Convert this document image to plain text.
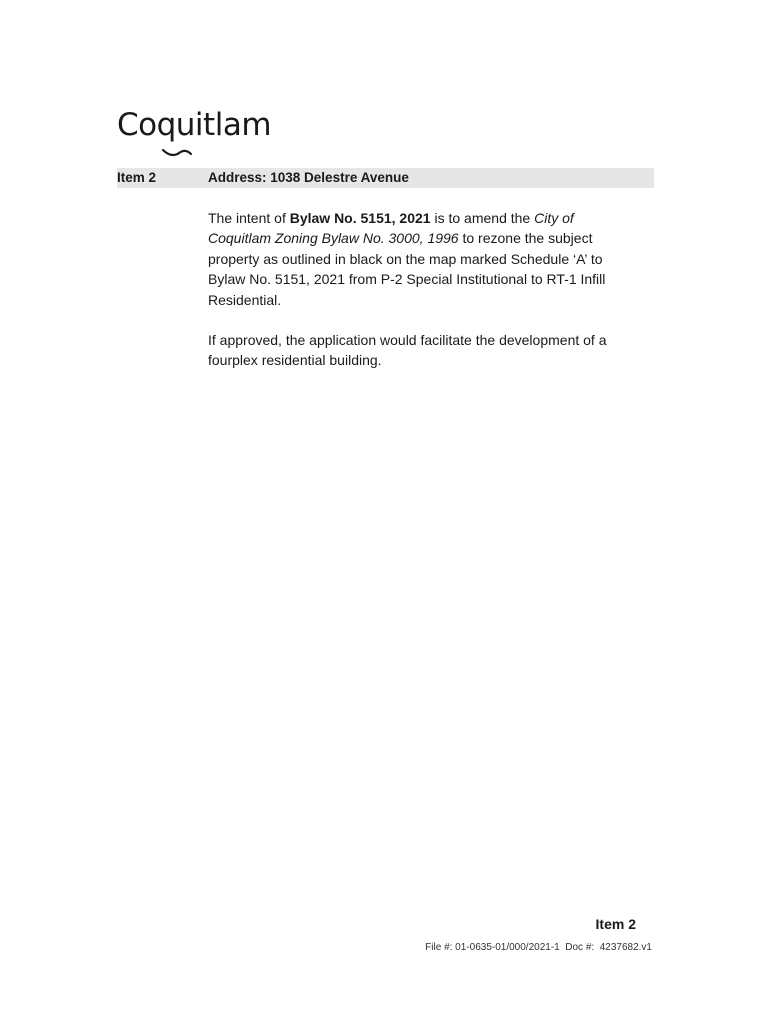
Coquitlam
Item 2	Address: 1038 Delestre Avenue

The intent of Bylaw No. 5151, 2021 is to amend the City of Coquitlam Zoning Bylaw No. 3000, 1996 to rezone the subject property as outlined in black on the map marked Schedule ‘A’ to Bylaw No. 5151, 2021 from P-2 Special Institutional to RT-1 Infill Residential.

If approved, the application would facilitate the development of a fourplex residential building.

Item 2
File #: 01-0635-01/000/2021-1  Doc #:  4237682.v1
